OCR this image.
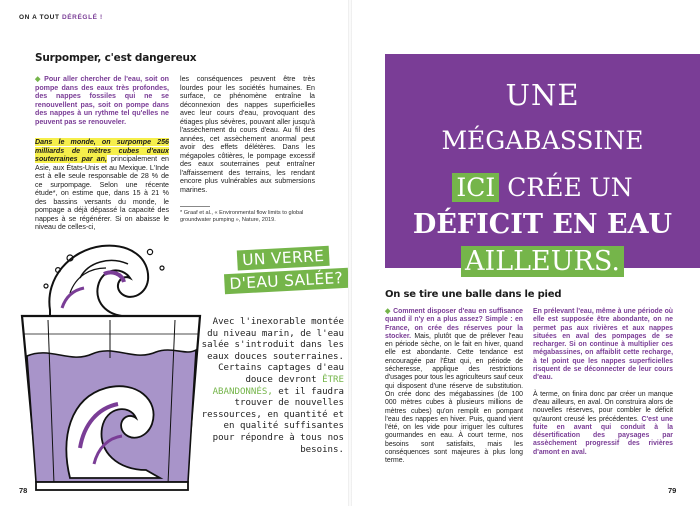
ON A TOUT DÉRÉGLÉ !
Surpomper, c'est dangereux

◆ Pour aller chercher de l'eau, soit on pompe dans des eaux très profondes, des nappes fossiles qui ne se renouvellent pas, soit on pompe dans des nappes à un rythme tel qu'elles ne peuvent pas se renouveler.

Dans le monde, on surpompe 256 milliards de mètres cubes d'eaux souterraines par an, principalement en Asie, aux États-Unis et au Mexique. L'Inde est à elle seule responsable de 28 % de ce surpompage. Selon une récente étude*, on estime que, dans 15 à 21 % des bassins versants du monde, le pompage a déjà dépassé la capacité des nappes à se régénérer. Si on abaisse le niveau de celles-ci,

les conséquences peuvent être très lourdes pour les sociétés humaines. En surface, ce phénomène entraîne la déconnexion des nappes superficielles avec leur cours d'eau, provoquant des étiages plus sévères, pouvant aller jusqu'à l'assèchement du cours d'eau. Au fil des années, cet assèchement anormal peut avoir des effets délétères. Dans les mégapoles côtières, le pompage excessif des eaux souterraines peut entraîner l'affaissement des terrains, les rendant encore plus vulnérables aux submersions marines.

* Graaf et al., « Environmental flow limits to global groundwater pumping », Nature, 2019.
UN VERRE
D'EAU SALÉE?
Avec l'inexorable montée du niveau marin, de l'eau salée s'introduit dans les eaux douces souterraines. Certains captages d'eau douce devront ÊTRE ABANDONNÉS, et il faudra trouver de nouvelles ressources, en quantité et en qualité suffisantes pour répondre à tous nos besoins.
78
UNE
MÉGABASSINE
ICI CRÉE UN
DÉFICIT EN EAU
AILLEURS.
On se tire une balle dans le pied

◆ Comment disposer d'eau en suffisance quand il n'y en a plus assez? Simple : en France, on crée des réserves pour la stocker. Mais, plutôt que de prélever l'eau en période sèche, on le fait en hiver, quand elle est abondante. Cette tendance est encouragée par l'État qui, en période de sécheresse, applique des restrictions d'usages pour tous les agriculteurs sauf ceux qui disposent d'une réserve de substitution. On crée donc des mégabassines (de 100 000 mètres cubes à plusieurs millions de mètres cubes) qu'on remplit en pompant l'eau des nappes en hiver. Puis, quand vient l'été, on les vide pour irriguer les cultures gourmandes en eau. À court terme, nos besoins sont satisfaits, mais les conséquences sont majeures à plus long terme.

En prélevant l'eau, même à une période où elle est supposée être abondante, on ne permet pas aux rivières et aux nappes situées en aval des pompages de se recharger. Si on continue à multiplier ces mégabassines, on affaiblit cette recharge, à tel point que les nappes superficielles risquent de se déconnecter de leur cours d'eau.

À terme, on finira donc par créer un manque d'eau ailleurs, en aval. On construira alors de nouvelles réserves, pour combler le déficit qu'auront creusé les précédentes. C'est une fuite en avant qui conduit à la désertification des paysages par assèchement progressif des rivières d'amont en aval.

79
